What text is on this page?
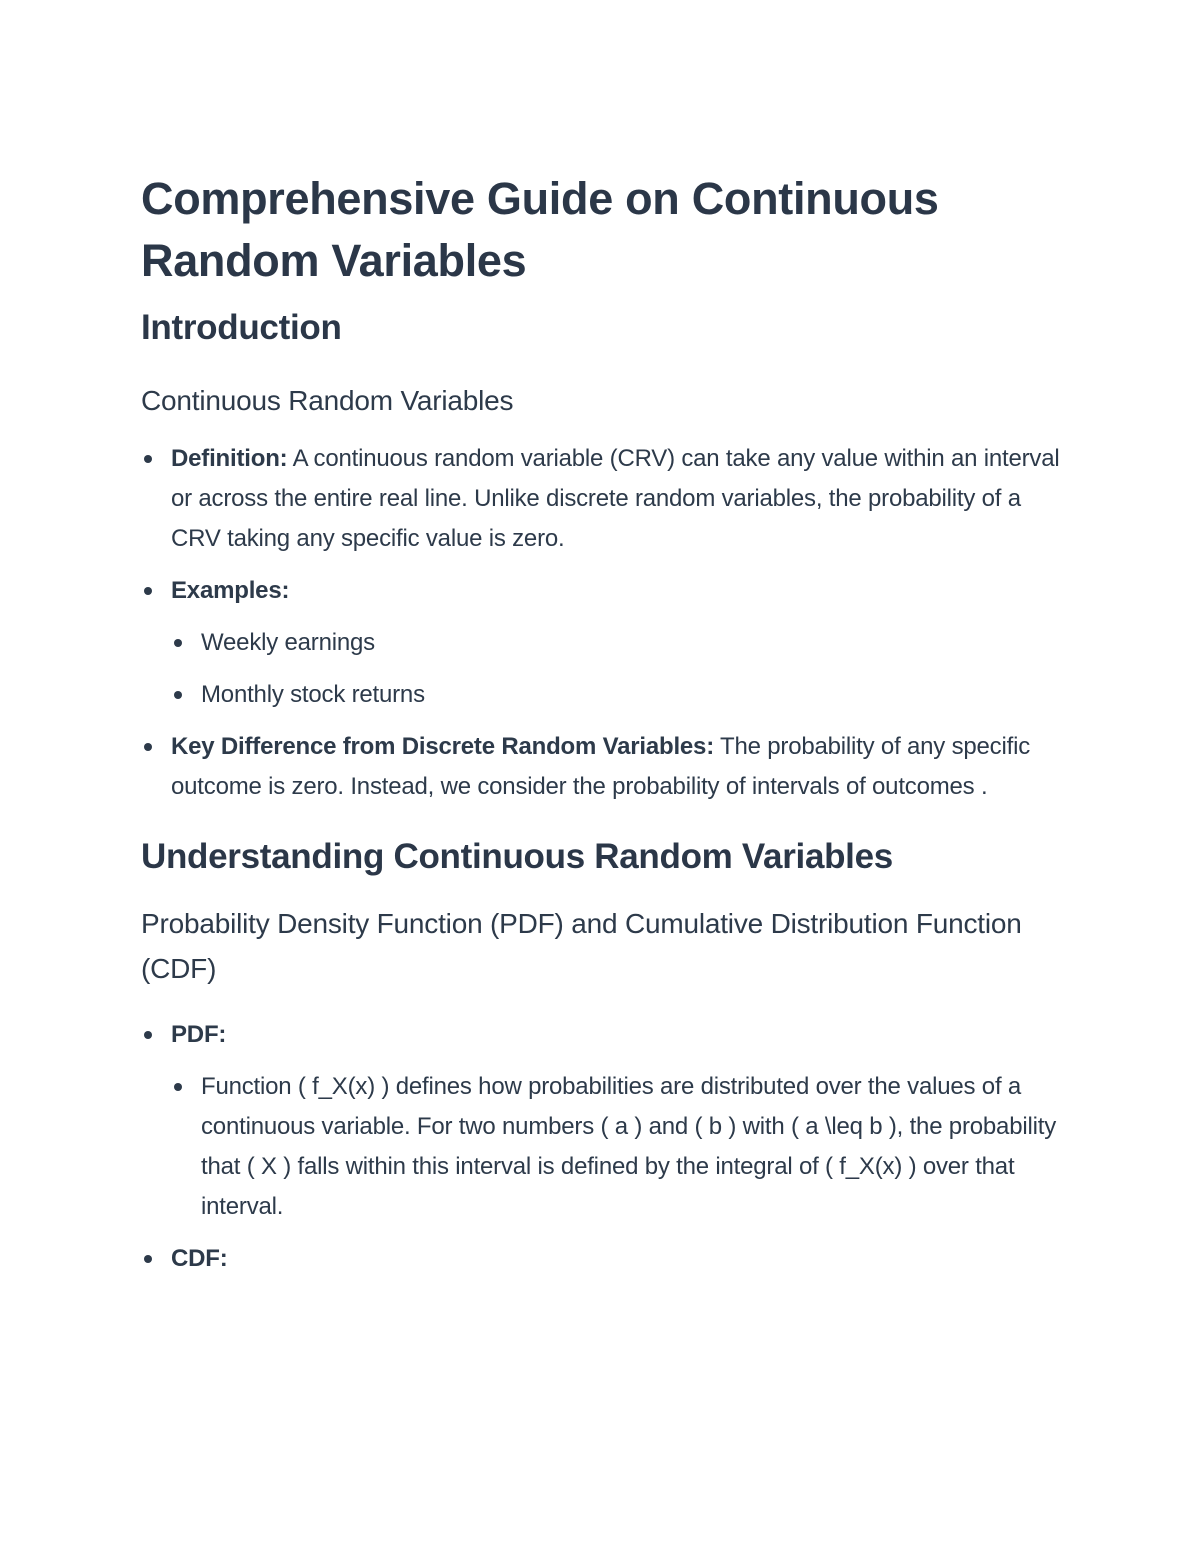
Comprehensive Guide on Continuous Random Variables
Introduction
Continuous Random Variables
Definition: A continuous random variable (CRV) can take any value within an interval or across the entire real line. Unlike discrete random variables, the probability of a CRV taking any specific value is zero.
Examples:
Weekly earnings
Monthly stock returns
Key Difference from Discrete Random Variables: The probability of any specific outcome is zero. Instead, we consider the probability of intervals of outcomes .
Understanding Continuous Random Variables
Probability Density Function (PDF) and Cumulative Distribution Function (CDF)
PDF:
Function ( f_X(x) ) defines how probabilities are distributed over the values of a continuous variable. For two numbers ( a ) and ( b ) with ( a \leq b ), the probability that ( X ) falls within this interval is defined by the integral of ( f_X(x) ) over that interval.
CDF:
